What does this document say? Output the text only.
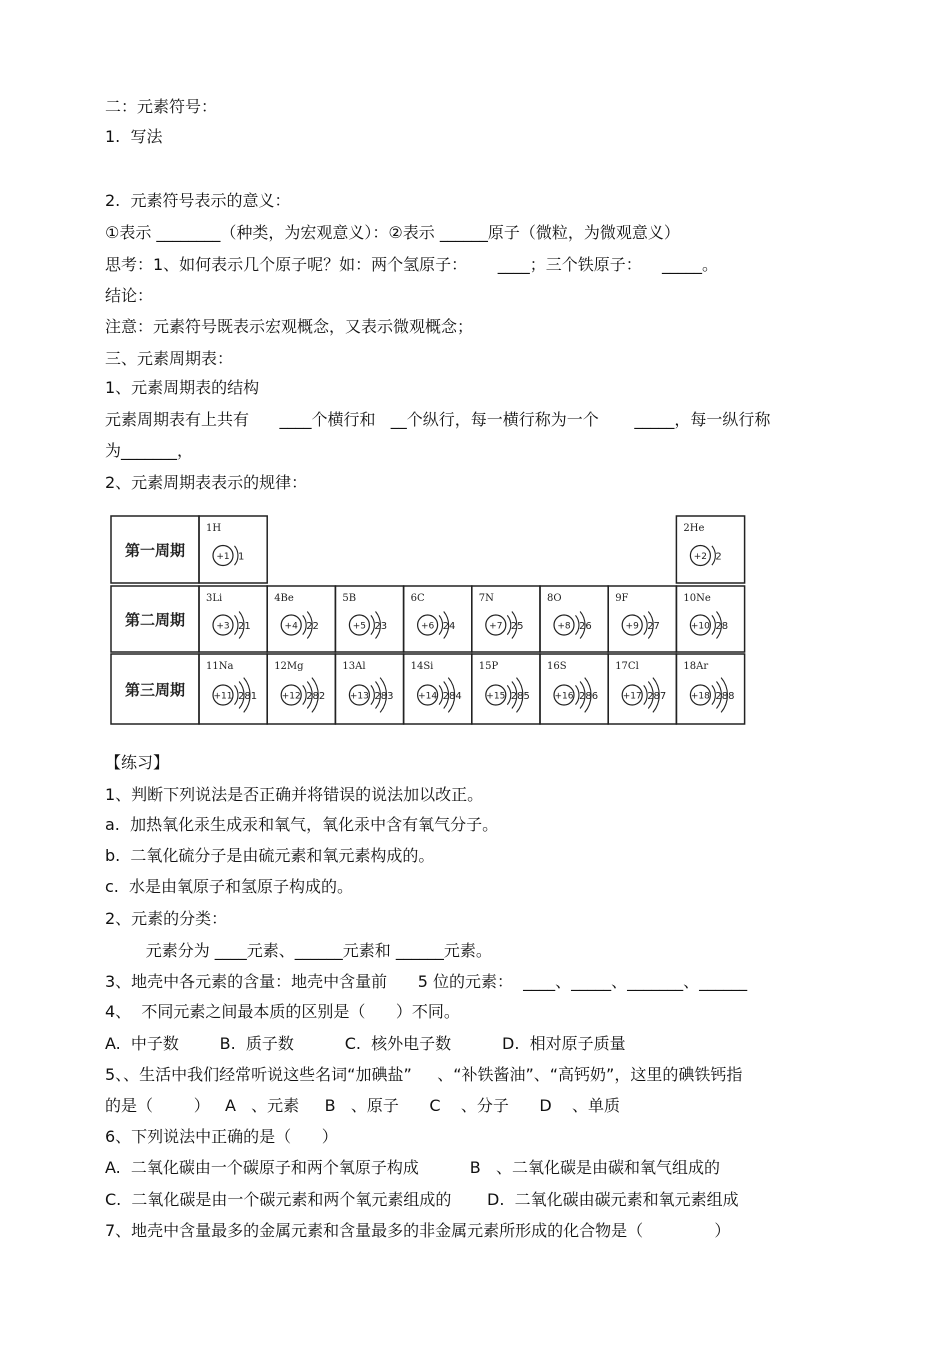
二：元素符号：
1.  写法
2.  元素符号表示的意义：
①表示 ________（种类，为宏观意义）：②表示 ______原子（微粒，为微观意义）
思考：1、如何表示几个原子呢？如：两个氢原子：      ____；三个铁原子：    _____。
结论：
注意：元素符号既表示宏观概念，又表示微观概念；
三、元素周期表：
1、元素周期表的结构
元素周期表有上共有      ____个横行和   __个纵行，每一横行称为一个       _____，每一纵行称
为_______，
2、元素周期表表示的规律：
第一周期
第二周期
第三周期
1H
+1 1
2He
+2 2
3Li
+3 21
4Be
+4 22
5B
+5 23
6C
+6 24
7N
+7 25
8O
+8 26
9F
+9 27
10Ne
+10 28
11Na
+11 281
12Mg
+12 282
13Al
+13 283
14Si
+14 284
15P
+15 285
16S
+16 286
17Cl
+17 287
18Ar
+18 288
【练习】
1、判断下列说法是否正确并将错误的说法加以改正。
a.  加热氧化汞生成汞和氧气，氧化汞中含有氧气分子。
b.  二氧化硫分子是由硫元素和氧元素构成的。
c.  水是由氧原子和氢原子构成的。
2、元素的分类：
元素分为 ____元素、______元素和 ______元素。
3、地壳中各元素的含量：地壳中含量前      5 位的元素：  ____、_____、_______、______
4、  不同元素之间最本质的区别是（      ）不同。
A.  中子数        B.  质子数          C.  核外电子数          D.  相对原子质量
5、、生活中我们经常听说这些名词“加碘盐”     、“补铁酱油”、“高钙奶”，这里的碘铁钙指
的是（        ）   A   、元素     B   、原子      C    、分子      D    、单质
6、下列说法中正确的是（      ）
A.  二氧化碳由一个碳原子和两个氧原子构成          B   、二氧化碳是由碳和氧气组成的
C.  二氧化碳是由一个碳元素和两个氧元素组成的       D.  二氧化碳由碳元素和氧元素组成
7、地壳中含量最多的金属元素和含量最多的非金属元素所形成的化合物是（              ）
